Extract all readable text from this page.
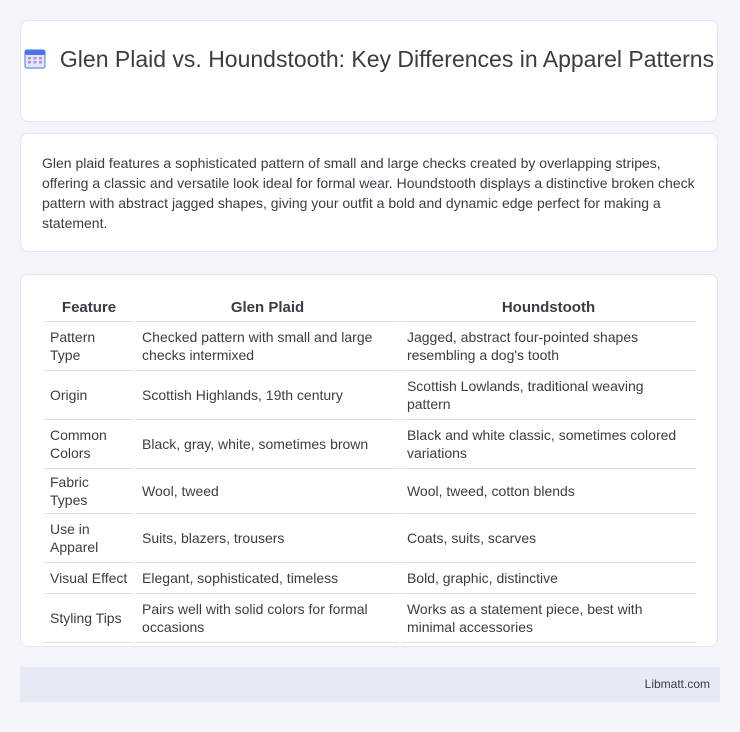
Glen Plaid vs. Houndstooth: Key Differences in Apparel Patterns
Glen plaid features a sophisticated pattern of small and large checks created by overlapping stripes, offering a classic and versatile look ideal for formal wear. Houndstooth displays a distinctive broken check pattern with abstract jagged shapes, giving your outfit a bold and dynamic edge perfect for making a statement.
Feature	Glen Plaid	Houndstooth
Pattern Type	Checked pattern with small and large checks intermixed	Jagged, abstract four-pointed shapes resembling a dog's tooth
Origin	Scottish Highlands, 19th century	Scottish Lowlands, traditional weaving pattern
Common Colors	Black, gray, white, sometimes brown	Black and white classic, sometimes colored variations
Fabric Types	Wool, tweed	Wool, tweed, cotton blends
Use in Apparel	Suits, blazers, trousers	Coats, suits, scarves
Visual Effect	Elegant, sophisticated, timeless	Bold, graphic, distinctive
Styling Tips	Pairs well with solid colors for formal occasions	Works as a statement piece, best with minimal accessories
Libmatt.com
